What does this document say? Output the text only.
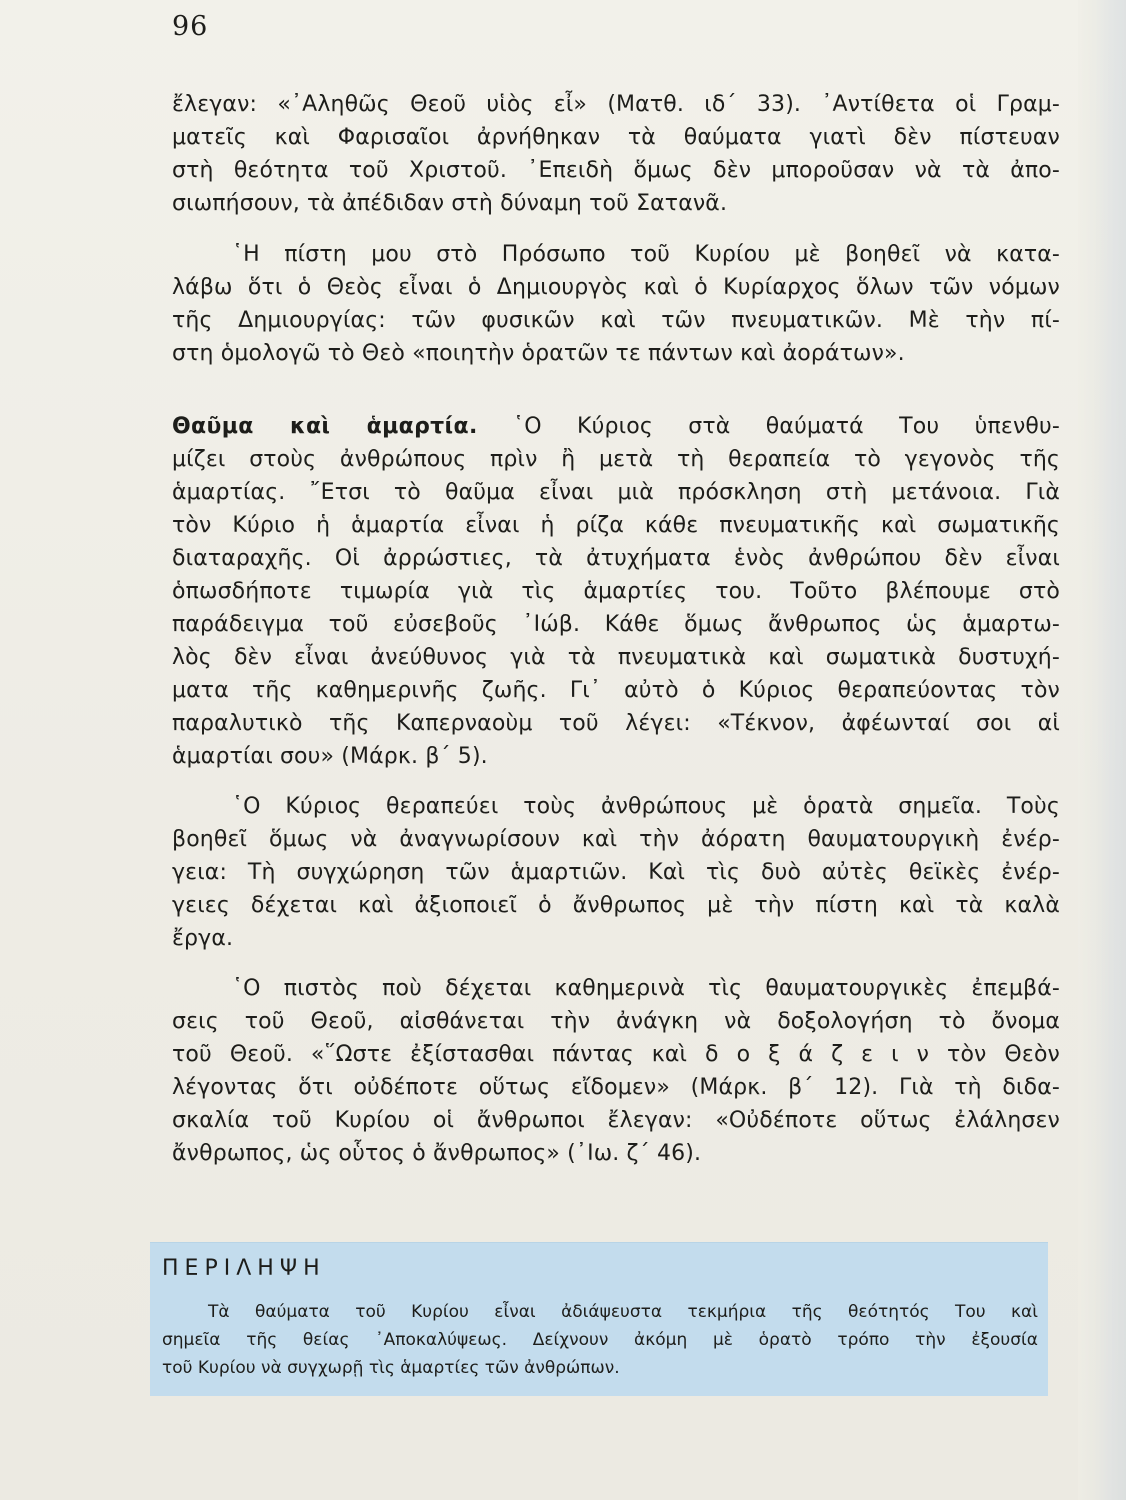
96
ἔλεγαν: «᾿Αληθῶς Θεοῦ υἱὸς εἶ» (Ματθ. ιδ΄ 33). ᾿Αντίθετα οἱ Γραμ-
ματεῖς καὶ Φαρισαῖοι ἀρνήθηκαν τὰ θαύματα γιατὶ δὲν πίστευαν
στὴ θεότητα τοῦ Χριστοῦ. ᾿Επειδὴ ὅμως δὲν μποροῦσαν νὰ τὰ ἀπο-
σιωπήσουν, τὰ ἀπέδιδαν στὴ δύναμη τοῦ Σατανᾶ.
῾Η πίστη μου στὸ Πρόσωπο τοῦ Κυρίου μὲ βοηθεῖ νὰ κατα-
λάβω ὅτι ὁ Θεὸς εἶναι ὁ Δημιουργὸς καὶ ὁ Κυρίαρχος ὅλων τῶν νόμων
τῆς Δημιουργίας: τῶν φυσικῶν καὶ τῶν πνευματικῶν. Μὲ τὴν πί-
στη ὁμολογῶ τὸ Θεὸ «ποιητὴν ὁρατῶν τε πάντων καὶ ἀοράτων».
Θαῦμα καὶ ἁμαρτία. ῾Ο Κύριος στὰ θαύματά Του ὑπενθυ-
μίζει στοὺς ἀνθρώπους πρὶν ἢ μετὰ τὴ θεραπεία τὸ γεγονὸς τῆς
ἁμαρτίας. ῎Ετσι τὸ θαῦμα εἶναι μιὰ πρόσκληση στὴ μετάνοια. Γιὰ
τὸν Κύριο ἡ ἁμαρτία εἶναι ἡ ρίζα κάθε πνευματικῆς καὶ σωματικῆς
διαταραχῆς. Οἱ ἀρρώστιες, τὰ ἀτυχήματα ἑνὸς ἀνθρώπου δὲν εἶναι
ὁπωσδήποτε τιμωρία γιὰ τὶς ἁμαρτίες του. Τοῦτο βλέπουμε στὸ
παράδειγμα τοῦ εὐσεβοῦς ᾿Ιώβ. Κάθε ὅμως ἄνθρωπος ὡς ἁμαρτω-
λὸς δὲν εἶναι ἀνεύθυνος γιὰ τὰ πνευματικὰ καὶ σωματικὰ δυστυχή-
ματα τῆς καθημερινῆς ζωῆς. Γι᾿ αὐτὸ ὁ Κύριος θεραπεύοντας τὸν
παραλυτικὸ τῆς Καπερναοὺμ τοῦ λέγει: «Τέκνον, ἀφέωνταί σοι αἱ
ἁμαρτίαι σου» (Μάρκ. β΄ 5).
῾Ο Κύριος θεραπεύει τοὺς ἀνθρώπους μὲ ὁρατὰ σημεῖα. Τοὺς
βοηθεῖ ὅμως νὰ ἀναγνωρίσουν καὶ τὴν ἀόρατη θαυματουργικὴ ἐνέρ-
γεια: Τὴ συγχώρηση τῶν ἁμαρτιῶν. Καὶ τὶς δυὸ αὐτὲς θεϊκὲς ἐνέρ-
γειες δέχεται καὶ ἀξιοποιεῖ ὁ ἄνθρωπος μὲ τὴν πίστη καὶ τὰ καλὰ
ἔργα.
῾Ο πιστὸς ποὺ δέχεται καθημερινὰ τὶς θαυματουργικὲς ἐπεμβά-
σεις τοῦ Θεοῦ, αἰσθάνεται τὴν ἀνάγκη νὰ δοξολογήση τὸ ὄνομα
τοῦ Θεοῦ. «῞Ωστε ἐξίστασθαι πάντας καὶ δ ο ξ ά ζ ε ι ν τὸν Θεὸν
λέγοντας ὅτι οὐδέποτε οὕτως εἴδομεν» (Μάρκ. β΄ 12). Γιὰ τὴ διδα-
σκαλία τοῦ Κυρίου οἱ ἄνθρωποι ἔλεγαν: «Οὐδέποτε οὕτως ἐλάλησεν
ἄνθρωπος, ὡς οὗτος ὁ ἄνθρωπος» (᾿Ιω. ζ΄ 46).
ΠΕΡΙΛΗΨΗ
Τὰ θαύματα τοῦ Κυρίου εἶναι ἀδιάψευστα τεκμήρια τῆς θεότητός Του καὶ
σημεῖα τῆς θείας ᾿Αποκαλύψεως. Δείχνουν ἀκόμη μὲ ὁρατὸ τρόπο τὴν ἐξουσία
τοῦ Κυρίου νὰ συγχωρῇ τὶς ἁμαρτίες τῶν ἀνθρώπων.
